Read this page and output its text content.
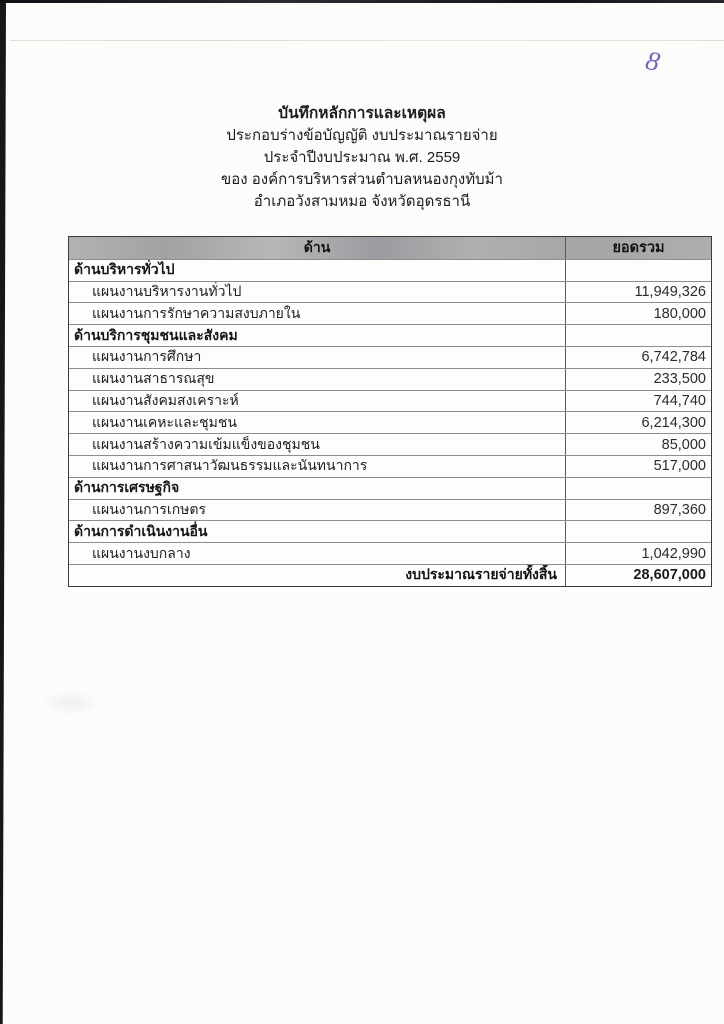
8
บันทึกหลักการและเหตุผล
ประกอบร่างข้อบัญญัติ งบประมาณรายจ่าย
ประจำปีงบประมาณ พ.ศ. 2559
ของ องค์การบริหารส่วนตำบลหนองกุงทับม้า
อำเภอวังสามหมอ จังหวัดอุดรธานี
ด้าน	ยอดรวม
ด้านบริหารทั่วไป
แผนงานบริหารงานทั่วไป	11,949,326
แผนงานการรักษาความสงบภายใน	180,000
ด้านบริการชุมชนและสังคม
แผนงานการศึกษา	6,742,784
แผนงานสาธารณสุข	233,500
แผนงานสังคมสงเคราะห์	744,740
แผนงานเคหะและชุมชน	6,214,300
แผนงานสร้างความเข้มแข็งของชุมชน	85,000
แผนงานการศาสนาวัฒนธรรมและนันทนาการ	517,000
ด้านการเศรษฐกิจ
แผนงานการเกษตร	897,360
ด้านการดำเนินงานอื่น
แผนงานงบกลาง	1,042,990
งบประมาณรายจ่ายทั้งสิ้น	28,607,000
